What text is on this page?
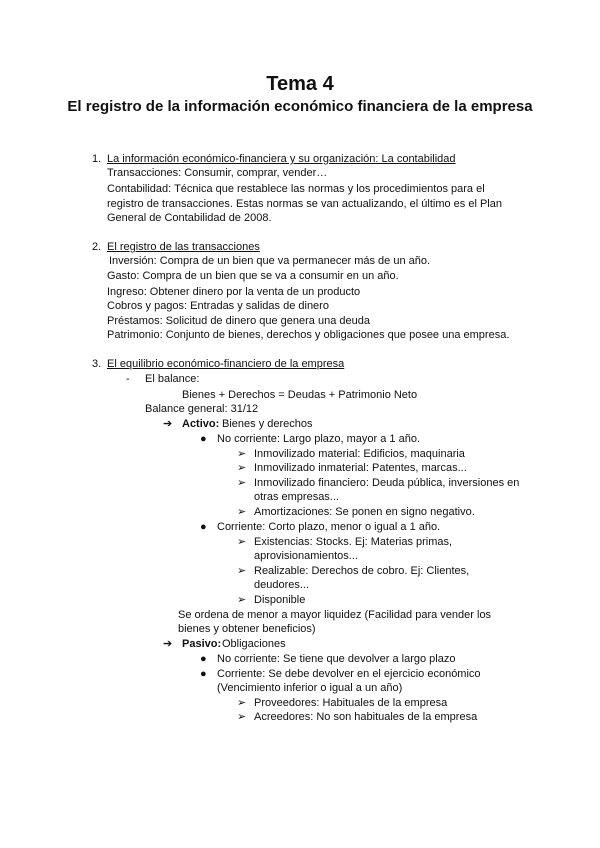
Tema 4
El registro de la información económico financiera de la empresa
1. La información económico-financiera y su organización: La contabilidad
Transacciones: Consumir, comprar, vender…
Contabilidad: Técnica que restablece las normas y los procedimientos para el
registro de transacciones. Estas normas se van actualizando, el último es el Plan
General de Contabilidad de 2008.
2. El registro de las transacciones
Inversión: Compra de un bien que va permanecer más de un año.
Gasto: Compra de un bien que se va a consumir en un año.
Ingreso: Obtener dinero por la venta de un producto
Cobros y pagos: Entradas y salidas de dinero
Préstamos: Solicitud de dinero que genera una deuda
Patrimonio: Conjunto de bienes, derechos y obligaciones que posee una empresa.
3. El equilibrio económico-financiero de la empresa
- El balance:
Bienes + Derechos = Deudas + Patrimonio Neto
Balance general: 31/12
➔ Activo: Bienes y derechos
● No corriente: Largo plazo, mayor a 1 año.
➢ Inmovilizado material: Edificios, maquinaria
➢ Inmovilizado inmaterial: Patentes, marcas...
➢ Inmovilizado financiero: Deuda pública, inversiones en
otras empresas...
➢ Amortizaciones: Se ponen en signo negativo.
● Corriente: Corto plazo, menor o igual a 1 año.
➢ Existencias: Stocks. Ej: Materias primas,
aprovisionamientos...
➢ Realizable: Derechos de cobro. Ej: Clientes,
deudores...
➢ Disponible
Se ordena de menor a mayor liquidez (Facilidad para vender los
bienes y obtener beneficios)
➔ Pasivo: Obligaciones
● No corriente: Se tiene que devolver a largo plazo
● Corriente: Se debe devolver en el ejercicio económico
(Vencimiento inferior o igual a un año)
➢ Proveedores: Habituales de la empresa
➢ Acreedores: No son habituales de la empresa
